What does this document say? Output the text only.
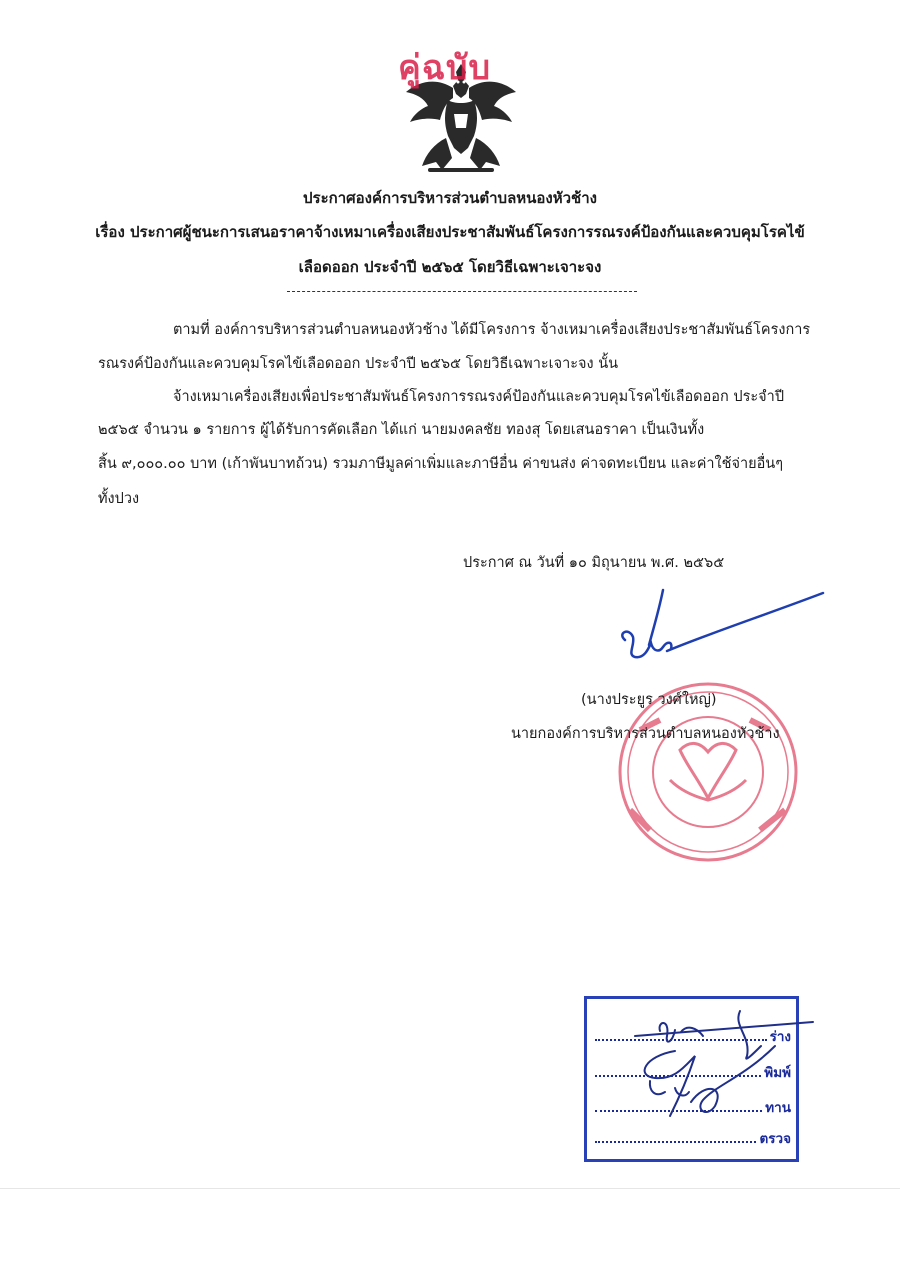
คู่ฉบับ
ประกาศองค์การบริหารส่วนตำบลหนองหัวช้าง
เรื่อง ประกาศผู้ชนะการเสนอราคาจ้างเหมาเครื่องเสียงประชาสัมพันธ์โครงการรณรงค์ป้องกันและควบคุมโรคไข้
เลือดออก ประจำปี ๒๕๖๕ โดยวิธีเฉพาะเจาะจง
ตามที่ องค์การบริหารส่วนตำบลหนองหัวช้าง ได้มีโครงการ จ้างเหมาเครื่องเสียงประชาสัมพันธ์โครงการ
รณรงค์ป้องกันและควบคุมโรคไข้เลือดออก ประจำปี ๒๕๖๕ โดยวิธีเฉพาะเจาะจง นั้น
จ้างเหมาเครื่องเสียงเพื่อประชาสัมพันธ์โครงการรณรงค์ป้องกันและควบคุมโรคไข้เลือดออก ประจำปี
๒๕๖๕ จำนวน ๑ รายการ ผู้ได้รับการคัดเลือก ได้แก่ นายมงคลชัย ทองสุ โดยเสนอราคา เป็นเงินทั้ง
สิ้น ๙,๐๐๐.๐๐ บาท (เก้าพันบาทถ้วน) รวมภาษีมูลค่าเพิ่มและภาษีอื่น ค่าขนส่ง ค่าจดทะเบียน และค่าใช้จ่ายอื่นๆ
ทั้งปวง
ประกาศ ณ วันที่ ๑๐ มิถุนายน พ.ศ. ๒๕๖๕
(นางประยูร วงศ์ใหญ่)
นายกองค์การบริหารส่วนตำบลหนองหัวช้าง
ร่าง
พิมพ์
ทาน
ตรวจ
